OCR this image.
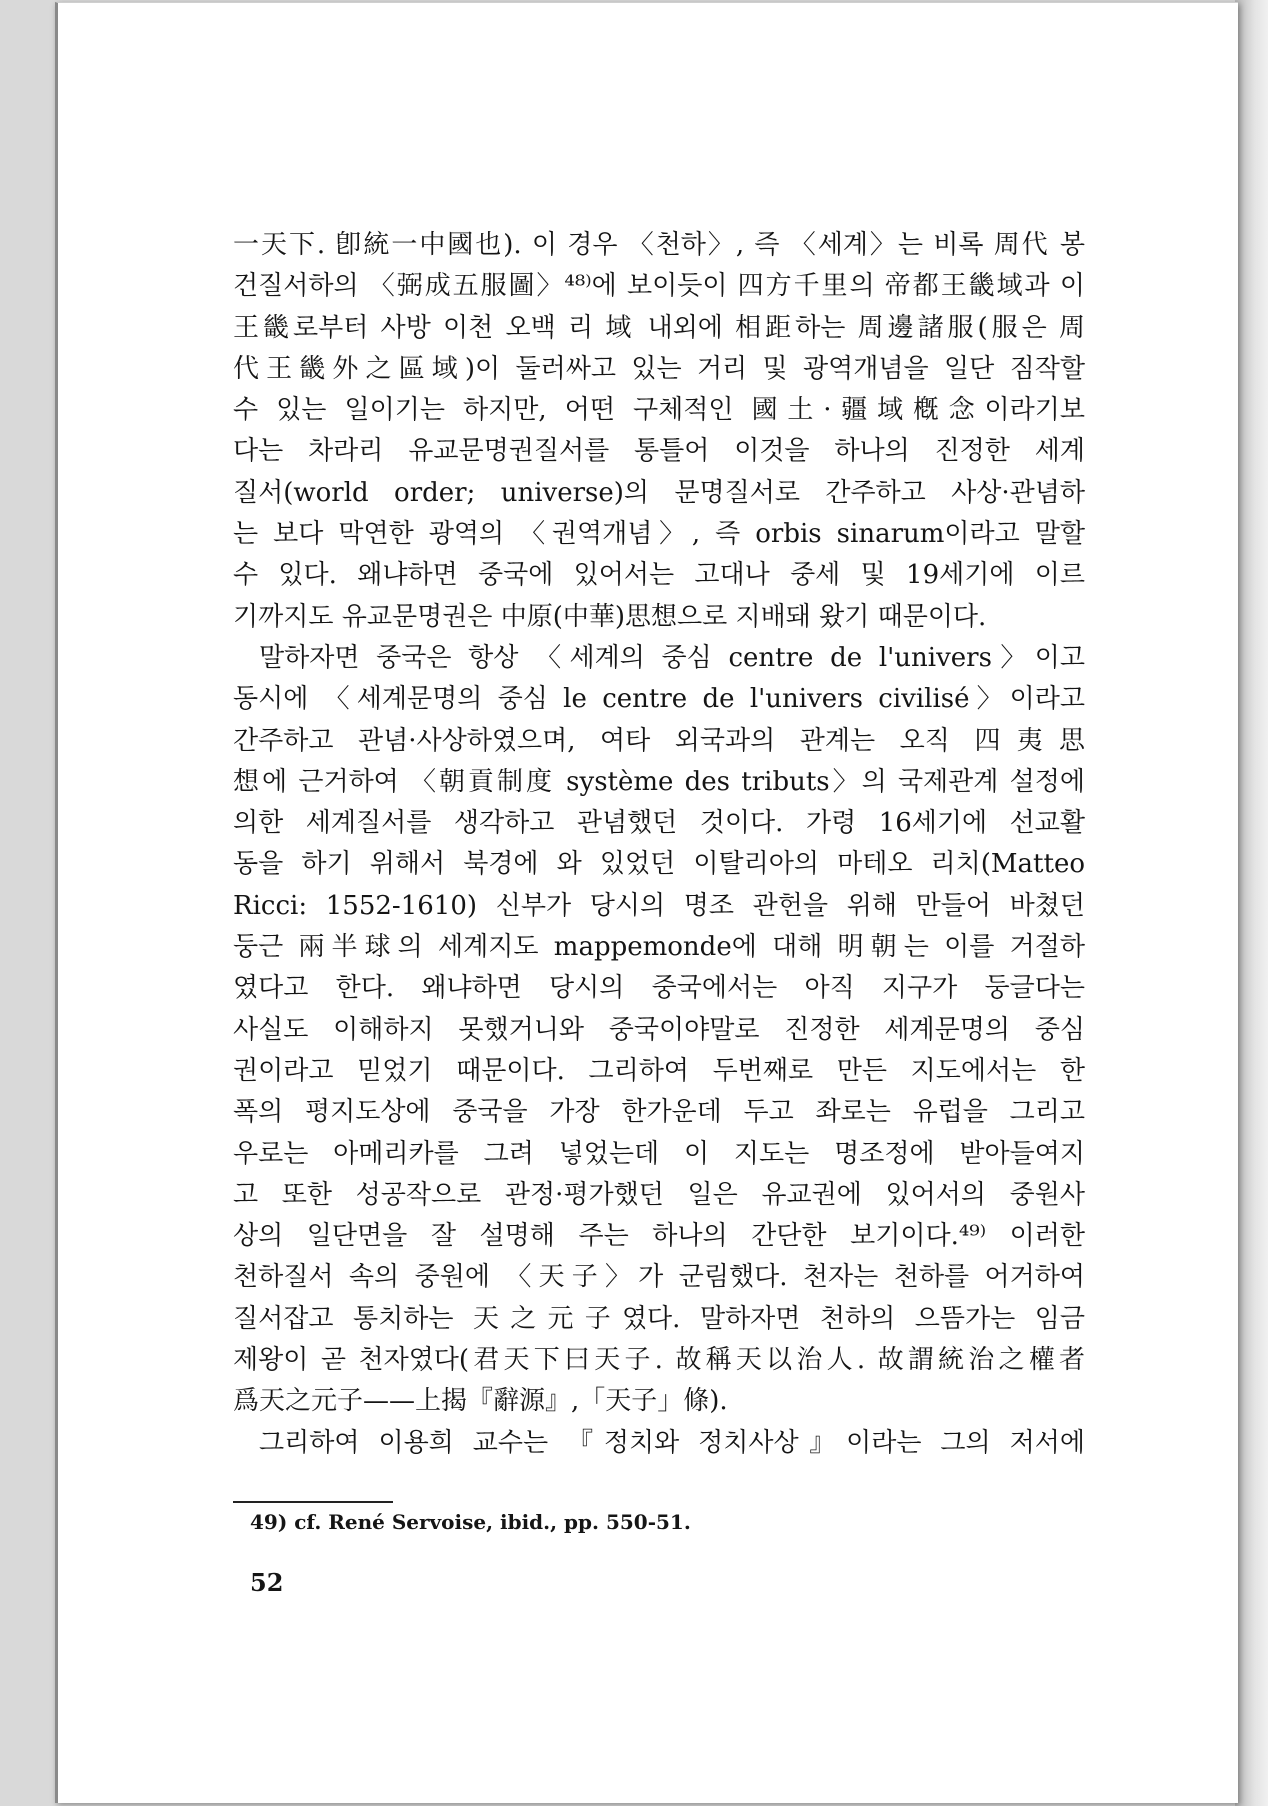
一天下. 卽統一中國也). 이 경우 〈천하〉, 즉 〈세계〉는 비록 周代 봉
건질서하의 〈弼成五服圖〉⁴⁸⁾에 보이듯이 四方千里의 帝都王畿域과 이
王畿로부터 사방 이천 오백 리 域 내외에 相距하는 周邊諸服(服은 周
代王畿外之區域)이 둘러싸고 있는 거리 및 광역개념을 일단 짐작할
수 있는 일이기는 하지만, 어떤 구체적인 國土·疆域槪念이라기보
다는 차라리 유교문명권질서를 통틀어 이것을 하나의 진정한 세계
질서(world order; universe)의 문명질서로 간주하고 사상·관념하
는 보다 막연한 광역의 〈권역개념〉, 즉 orbis sinarum이라고 말할
수 있다. 왜냐하면 중국에 있어서는 고대나 중세 및 19세기에 이르
기까지도 유교문명권은 中原(中華)思想으로 지배돼 왔기 때문이다.
말하자면 중국은 항상 〈세계의 중심 centre de l'univers〉이고
동시에 〈세계문명의 중심 le centre de l'univers civilisé〉이라고
간주하고 관념·사상하였으며, 여타 외국과의 관계는 오직 四夷思
想에 근거하여 〈朝貢制度 système des tributs〉의 국제관계 설정에
의한 세계질서를 생각하고 관념했던 것이다. 가령 16세기에 선교활
동을 하기 위해서 북경에 와 있었던 이탈리아의 마테오 리치(Matteo
Ricci: 1552-1610) 신부가 당시의 명조 관헌을 위해 만들어 바쳤던
둥근 兩半球의 세계지도 mappemonde에 대해 明朝는 이를 거절하
였다고 한다. 왜냐하면 당시의 중국에서는 아직 지구가 둥글다는
사실도 이해하지 못했거니와 중국이야말로 진정한 세계문명의 중심
권이라고 믿었기 때문이다. 그리하여 두번째로 만든 지도에서는 한
폭의 평지도상에 중국을 가장 한가운데 두고 좌로는 유럽을 그리고
우로는 아메리카를 그려 넣었는데 이 지도는 명조정에 받아들여지
고 또한 성공작으로 관정·평가했던 일은 유교권에 있어서의 중원사
상의 일단면을 잘 설명해 주는 하나의 간단한 보기이다.⁴⁹⁾ 이러한
천하질서 속의 중원에 〈天子〉가 군림했다. 천자는 천하를 어거하여
질서잡고 통치하는 天之元子였다. 말하자면 천하의 으뜸가는 임금
제왕이 곧 천자였다(君天下曰天子. 故稱天以治人. 故謂統治之權者
爲天之元子——上揭『辭源』,「天子」條).
그리하여 이용희 교수는 『정치와 정치사상』이라는 그의 저서에
49) cf. René Servoise, ibid., pp. 550-51.
52
